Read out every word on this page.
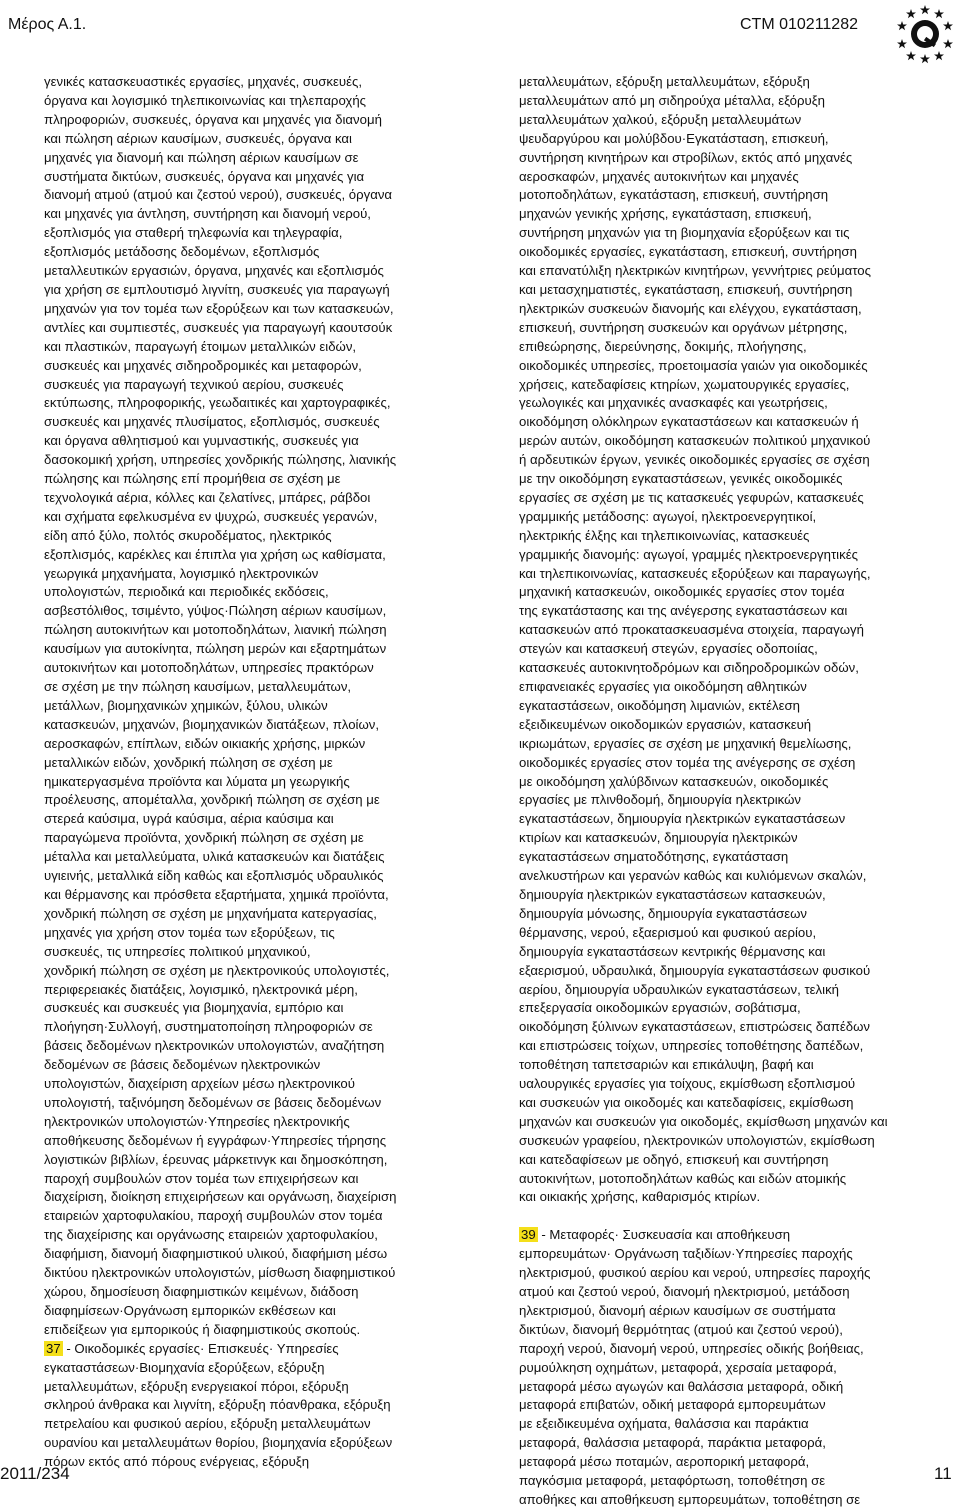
Μέρος Α.1.	CTM 010211282
γενικές κατασκευαστικές εργασίες, μηχανές, συσκευές,
όργανα και λογισμικό τηλεπικοινωνίας και τηλεπαροχής
πληροφοριών, συσκευές, όργανα και μηχανές για διανομή
και πώληση αέριων καυσίμων, συσκευές, όργανα και
μηχανές για διανομή και πώληση αέριων καυσίμων σε
συστήματα δικτύων, συσκευές, όργανα και μηχανές για
διανομή ατμού (ατμού και ζεστού νερού), συσκευές, όργανα
και μηχανές για άντληση, συντήρηση και διανομή νερού,
εξοπλισμός για σταθερή τηλεφωνία και τηλεγραφία,
εξοπλισμός μετάδοσης δεδομένων, εξοπλισμός
μεταλλευτικών εργασιών, όργανα, μηχανές και εξοπλισμός
για χρήση σε εμπλουτισμό λιγνίτη, συσκευές για παραγωγή
μηχανών για τον τομέα των εξορύξεων και των κατασκευών,
αντλίες και συμπιεστές, συσκευές για παραγωγή καουτσούκ
και πλαστικών, παραγωγή έτοιμων μεταλλικών ειδών,
συσκευές και μηχανές σιδηροδρομικές και μεταφορών,
συσκευές για παραγωγή τεχνικού αερίου, συσκευές
εκτύπωσης, πληροφορικής, γεωδαιτικές και χαρτογραφικές,
συσκευές και μηχανές πλυσίματος, εξοπλισμός, συσκευές
και όργανα αθλητισμού και γυμναστικής, συσκευές για
δασοκομική χρήση, υπηρεσίες χονδρικής πώλησης, λιανικής
πώλησης και πώλησης επί προμήθεια σε σχέση με
τεχνολογικά αέρια, κόλλες και ζελατίνες, μπάρες, ράβδοι
και σχήματα εφελκυσμένα εν ψυχρώ, συσκευές γερανών,
είδη από ξύλο, πολτός σκυροδέματος, ηλεκτρικός
εξοπλισμός, καρέκλες και έπιπλα για χρήση ως καθίσματα,
γεωργικά μηχανήματα, λογισμικό ηλεκτρονικών
υπολογιστών, περιοδικά και περιοδικές εκδόσεις,
ασβεστόλιθος, τσιμέντο, γύψος·Πώληση αέριων καυσίμων,
πώληση αυτοκινήτων και μοτοποδηλάτων, λιανική πώληση
καυσίμων για αυτοκίνητα, πώληση μερών και εξαρτημάτων
αυτοκινήτων και μοτοποδηλάτων, υπηρεσίες πρακτόρων
σε σχέση με την πώληση καυσίμων, μεταλλευμάτων,
μετάλλων, βιομηχανικών χημικών, ξύλου, υλικών
κατασκευών, μηχανών, βιομηχανικών διατάξεων, πλοίων,
αεροσκαφών, επίπλων, ειδών οικιακής χρήσης, μιρκών
μεταλλικών ειδών, χονδρική πώληση σε σχέση με
ημικατεργασμένα προϊόντα και λύματα μη γεωργικής
προέλευσης, απομέταλλα, χονδρική πώληση σε σχέση με
στερεά καύσιμα, υγρά καύσιμα, αέρια καύσιμα και
παραγώμενα προϊόντα, χονδρική πώληση σε σχέση με
μέταλλα και μεταλλεύματα, υλικά κατασκευών και διατάξεις
υγιεινής, μεταλλικά είδη καθώς και εξοπλισμός υδραυλικός
και θέρμανσης και πρόσθετα εξαρτήματα, χημικά προϊόντα,
χονδρική πώληση σε σχέση με μηχανήματα κατεργασίας,
μηχανές για χρήση στον τομέα των εξορύξεων, τις
συσκευές, τις υπηρεσίες πολιτικού μηχανικού,
χονδρική πώληση σε σχέση με ηλεκτρονικούς υπολογιστές,
περιφερειακές διατάξεις, λογισμικό, ηλεκτρονικά μέρη,
συσκευές και συσκευές για βιομηχανία, εμπόριο και
πλοήγηση·Συλλογή, συστηματοποίηση πληροφοριών σε
βάσεις δεδομένων ηλεκτρονικών υπολογιστών, αναζήτηση
δεδομένων σε βάσεις δεδομένων ηλεκτρονικών
υπολογιστών, διαχείριση αρχείων μέσω ηλεκτρονικού
υπολογιστή, ταξινόμηση δεδομένων σε βάσεις δεδομένων
ηλεκτρονικών υπολογιστών·Υπηρεσίες ηλεκτρονικής
αποθήκευσης δεδομένων ή εγγράφων·Υπηρεσίες τήρησης
λογιστικών βιβλίων, έρευνας μάρκετινγκ και δημοσκόπηση,
παροχή συμβουλών στον τομέα των επιχειρήσεων και
διαχείριση, διοίκηση επιχειρήσεων και οργάνωση, διαχείριση
εταιρειών χαρτοφυλακίου, παροχή συμβουλών στον τομέα
της διαχείρισης και οργάνωσης εταιρειών χαρτοφυλακίου,
διαφήμιση, διανομή διαφημιστικού υλικού, διαφήμιση μέσω
δικτύου ηλεκτρονικών υπολογιστών, μίσθωση διαφημιστικού
χώρου, δημοσίευση διαφημιστικών κειμένων, διάδοση
διαφημίσεων·Οργάνωση εμπορικών εκθέσεων και
επιδείξεων για εμπορικούς ή διαφημιστικούς σκοπούς.
37 - Οικοδομικές εργασίες· Επισκευές· Υπηρεσίες
εγκαταστάσεων·Βιομηχανία εξορύξεων, εξόρυξη
μεταλλευμάτων, εξόρυξη ενεργειακοί πόροι, εξόρυξη
σκληρού άνθρακα και λιγνίτη, εξόρυξη πόανθρακα, εξόρυξη
πετρελαίου και φυσικού αερίου, εξόρυξη μεταλλευμάτων
ουρανίου και μεταλλευμάτων θορίου, βιομηχανία εξορύξεων
πόρων εκτός από πόρους ενέργειας, εξόρυξη
μεταλλευμάτων, εξόρυξη μεταλλευμάτων, εξόρυξη
μεταλλευμάτων από μη σιδηρούχα μέταλλα, εξόρυξη
μεταλλευμάτων χαλκού, εξόρυξη μεταλλευμάτων
ψευδαργύρου και μολύβδου·Εγκατάσταση, επισκευή,
συντήρηση κινητήρων και στροβίλων, εκτός από μηχανές
αεροσκαφών, μηχανές αυτοκινήτων και μηχανές
μοτοποδηλάτων, εγκατάσταση, επισκευή, συντήρηση
μηχανών γενικής χρήσης, εγκατάσταση, επισκευή,
συντήρηση μηχανών για τη βιομηχανία εξορύξεων και τις
οικοδομικές εργασίες, εγκατάσταση, επισκευή, συντήρηση
και επανατύλιξη ηλεκτρικών κινητήρων, γεννήτριες ρεύματος
και μετασχηματιστές, εγκατάσταση, επισκευή, συντήρηση
ηλεκτρικών συσκευών διανομής και ελέγχου, εγκατάσταση,
επισκευή, συντήρηση συσκευών και οργάνων μέτρησης,
επιθεώρησης, διερεύνησης, δοκιμής, πλοήγησης,
οικοδομικές υπηρεσίες, προετοιμασία γαιών για οικοδομικές
χρήσεις, κατεδαφίσεις κτηρίων, χωματουργικές εργασίες,
γεωλογικές και μηχανικές ανασκαφές και γεωτρήσεις,
οικοδόμηση ολόκληρων εγκαταστάσεων και κατασκευών ή
μερών αυτών, οικοδόμηση κατασκευών πολιτικού μηχανικού
ή αρδευτικών έργων, γενικές οικοδομικές εργασίες σε σχέση
με την οικοδόμηση εγκαταστάσεων, γενικές οικοδομικές
εργασίες σε σχέση με τις κατασκευές γεφυρών, κατασκευές
γραμμικής μετάδοσης: αγωγοί, ηλεκτροενεργητικοί,
ηλεκτρικής έλξης και τηλεπικοινωνίας, κατασκευές
γραμμικής διανομής: αγωγοί, γραμμές ηλεκτροενεργητικές
και τηλεπικοινωνίας, κατασκευές εξορύξεων και παραγωγής,
μηχανική κατασκευών, οικοδομικές εργασίες στον τομέα
της εγκατάστασης και της ανέγερσης εγκαταστάσεων και
κατασκευών από προκατασκευασμένα στοιχεία, παραγωγή
στεγών και κατασκευή στεγών, εργασίες οδοποιίας,
κατασκευές αυτοκινητοδρόμων και σιδηροδρομικών οδών,
επιφανειακές εργασίες για οικοδόμηση αθλητικών
εγκαταστάσεων, οικοδόμηση λιμανιών, εκτέλεση
εξειδικευμένων οικοδομικών εργασιών, κατασκευή
ικριωμάτων, εργασίες σε σχέση με μηχανική θεμελίωσης,
οικοδομικές εργασίες στον τομέα της ανέγερσης σε σχέση
με οικοδόμηση χαλύβδινων κατασκευών, οικοδομικές
εργασίες με πλινθοδομή, δημιουργία ηλεκτρικών
εγκαταστάσεων, δημιουργία ηλεκτρικών εγκαταστάσεων
κτιρίων και κατασκευών, δημιουργία ηλεκτρικών
εγκαταστάσεων σηματοδότησης, εγκατάσταση
ανελκυστήρων και γερανών καθώς και κυλιόμενων σκαλών,
δημιουργία ηλεκτρικών εγκαταστάσεων κατασκευών,
δημιουργία μόνωσης, δημιουργία εγκαταστάσεων
θέρμανσης, νερού, εξαερισμού και φυσικού αερίου,
δημιουργία εγκαταστάσεων κεντρικής θέρμανσης και
εξαερισμού, υδραυλικά, δημιουργία εγκαταστάσεων φυσικού
αερίου, δημιουργία υδραυλικών εγκαταστάσεων, τελική
επεξεργασία οικοδομικών εργασιών, σοβάτισμα,
οικοδόμηση ξύλινων εγκαταστάσεων, επιστρώσεις δαπέδων
και επιστρώσεις τοίχων, υπηρεσίες τοποθέτησης δαπέδων,
τοποθέτηση ταπετσαριών και επικάλυψη, βαφή και
υαλουργικές εργασίες για τοίχους, εκμίσθωση εξοπλισμού
και συσκευών για οικοδομές και κατεδαφίσεις, εκμίσθωση
μηχανών και συσκευών για οικοδομές, εκμίσθωση μηχανών και
συσκευών γραφείου, ηλεκτρονικών υπολογιστών, εκμίσθωση
και κατεδαφίσεων με οδηγό, επισκευή και συντήρηση
αυτοκινήτων, μοτοποδηλάτων καθώς και ειδών ατομικής
και οικιακής χρήσης, καθαρισμός κτιρίων.

39 - Μεταφορές· Συσκευασία και αποθήκευση
εμπορευμάτων· Οργάνωση ταξιδίων·Υπηρεσίες παροχής
ηλεκτρισμού, φυσικού αερίου και νερού, υπηρεσίες παροχής
ατμού και ζεστού νερού, διανομή ηλεκτρισμού, μετάδοση
ηλεκτρισμού, διανομή αέριων καυσίμων σε συστήματα
δικτύων, διανομή θερμότητας (ατμού και ζεστού νερού),
παροχή νερού, διανομή νερού, υπηρεσίες οδικής βοήθειας,
ρυμούλκηση οχημάτων, μεταφορά, χερσαία μεταφορά,
μεταφορά μέσω αγωγών και θαλάσσια μεταφορά, οδική
μεταφορά επιβατών, οδική μεταφορά εμπορευμάτων
με εξειδικευμένα οχήματα, θαλάσσια και παράκτια
μεταφορά, θαλάσσια μεταφορά, παράκτια μεταφορά,
μεταφορά μέσω ποταμών, αεροπορική μεταφορά,
παγκόσμια μεταφορά, μεταφόρτωση, τοποθέτηση σε
αποθήκες και αποθήκευση εμπορευμάτων, τοποθέτηση σε
2011/234	11
